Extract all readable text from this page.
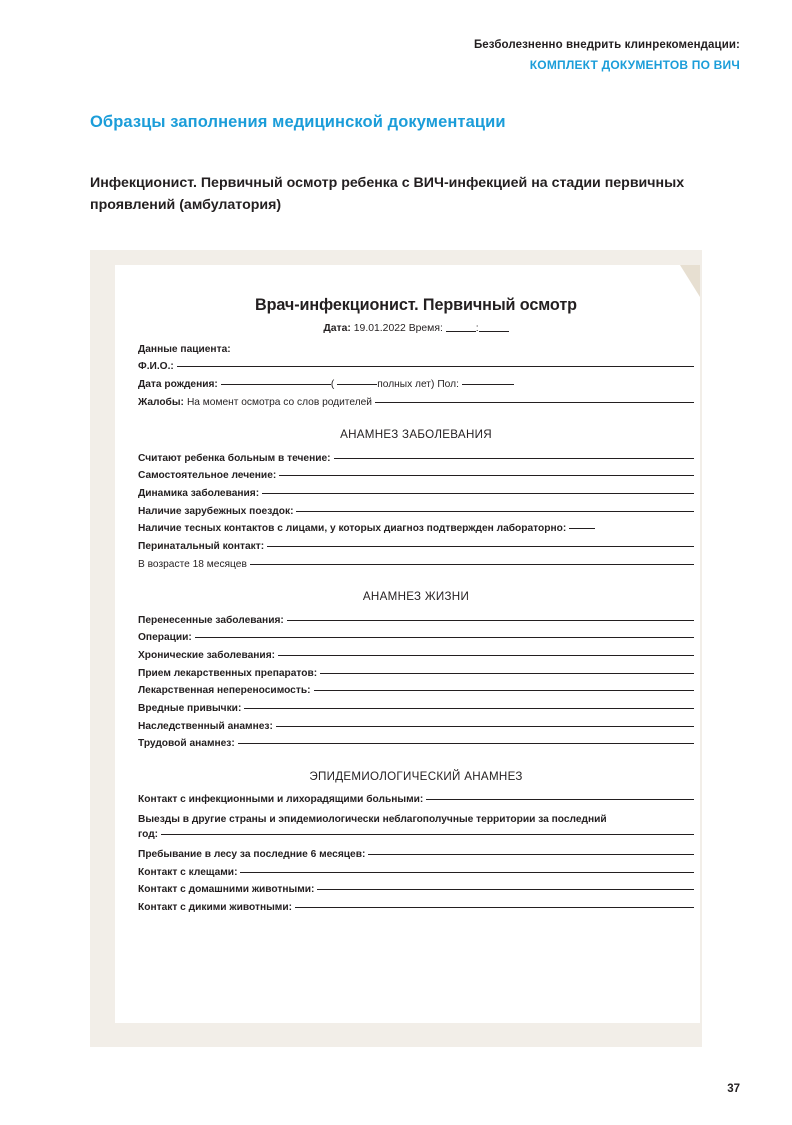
Безболезненно внедрить клинрекомендации:
КОМПЛЕКТ ДОКУМЕНТОВ ПО ВИЧ
Образцы заполнения медицинской документации
Инфекционист. Первичный осмотр ребенка с ВИЧ-инфекцией на стадии первичных проявлений (амбулатория)
Врач-инфекционист. Первичный осмотр
Дата: 19.01.2022 Время:	:
Данные пациента:
Ф.И.О.:
Дата рождения:	(	полных лет) Пол:
Жалобы: На момент осмотра со слов родителей
АНАМНЕЗ ЗАБОЛЕВАНИЯ
Считают ребенка больным в течение:
Самостоятельное лечение:
Динамика заболевания:
Наличие зарубежных поездок:
Наличие тесных контактов с лицами, у которых диагноз подтвержден лабораторно:
Перинатальный контакт:
В возрасте 18 месяцев
АНАМНЕЗ ЖИЗНИ
Перенесенные заболевания:
Операции:
Хронические заболевания:
Прием лекарственных препаратов:
Лекарственная непереносимость:
Вредные привычки:
Наследственный анамнез:
Трудовой анамнез:
ЭПИДЕМИОЛОГИЧЕСКИЙ АНАМНЕЗ
Контакт с инфекционными и лихорадящими больными:
Выезды в другие страны и эпидемиологически неблагополучные территории за последний
год:
Пребывание в лесу за последние 6 месяцев:
Контакт с клещами:
Контакт с домашними животными:
Контакт с дикими животными:
37
